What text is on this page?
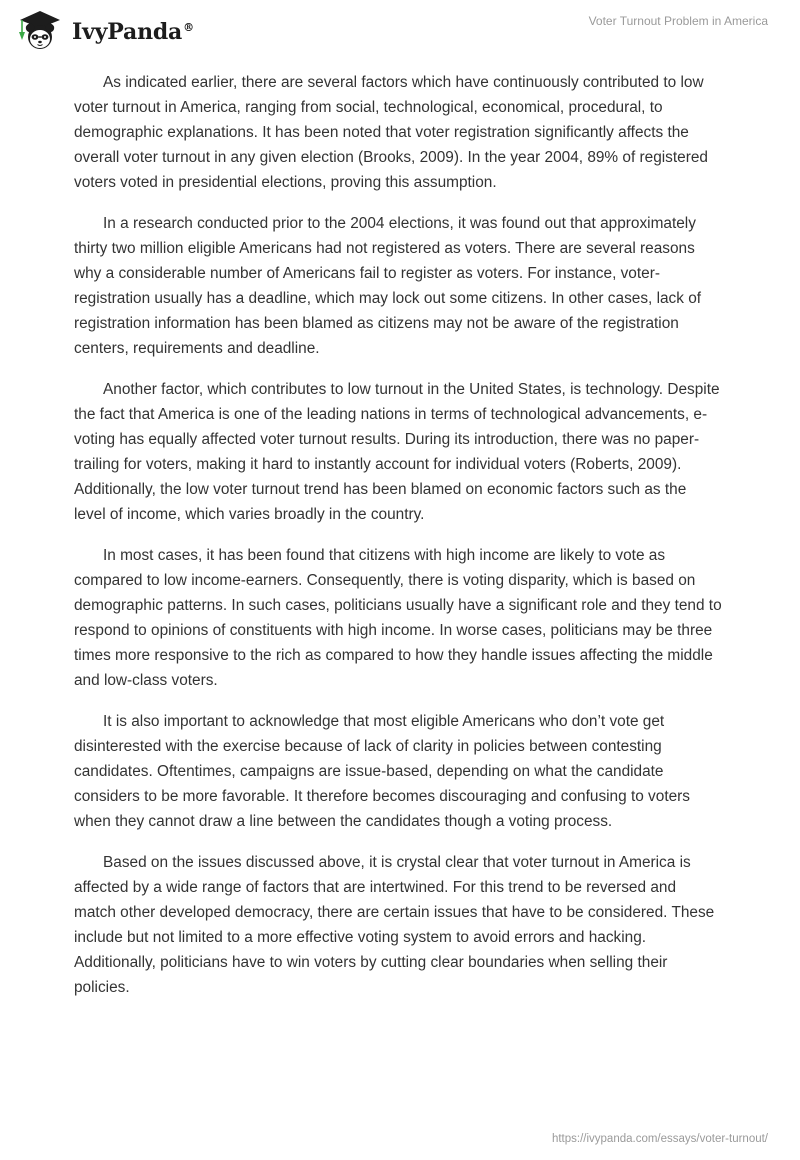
IvyPanda®	Voter Turnout Problem in America

As indicated earlier, there are several factors which have continuously contributed to low voter turnout in America, ranging from social, technological, economical, procedural, to demographic explanations. It has been noted that voter registration significantly affects the overall voter turnout in any given election (Brooks, 2009). In the year 2004, 89% of registered voters voted in presidential elections, proving this assumption.

In a research conducted prior to the 2004 elections, it was found out that approximately thirty two million eligible Americans had not registered as voters. There are several reasons why a considerable number of Americans fail to register as voters. For instance, voter-registration usually has a deadline, which may lock out some citizens. In other cases, lack of registration information has been blamed as citizens may not be aware of the registration centers, requirements and deadline.

Another factor, which contributes to low turnout in the United States, is technology. Despite the fact that America is one of the leading nations in terms of technological advancements, e-voting has equally affected voter turnout results. During its introduction, there was no paper-trailing for voters, making it hard to instantly account for individual voters (Roberts, 2009). Additionally, the low voter turnout trend has been blamed on economic factors such as the level of income, which varies broadly in the country.

In most cases, it has been found that citizens with high income are likely to vote as compared to low income-earners. Consequently, there is voting disparity, which is based on demographic patterns. In such cases, politicians usually have a significant role and they tend to respond to opinions of constituents with high income. In worse cases, politicians may be three times more responsive to the rich as compared to how they handle issues affecting the middle and low-class voters.

It is also important to acknowledge that most eligible Americans who don’t vote get disinterested with the exercise because of lack of clarity in policies between contesting candidates. Oftentimes, campaigns are issue-based, depending on what the candidate considers to be more favorable. It therefore becomes discouraging and confusing to voters when they cannot draw a line between the candidates though a voting process.

Based on the issues discussed above, it is crystal clear that voter turnout in America is affected by a wide range of factors that are intertwined. For this trend to be reversed and match other developed democracy, there are certain issues that have to be considered. These include but not limited to a more effective voting system to avoid errors and hacking. Additionally, politicians have to win voters by cutting clear boundaries when selling their policies.

https://ivypanda.com/essays/voter-turnout/
